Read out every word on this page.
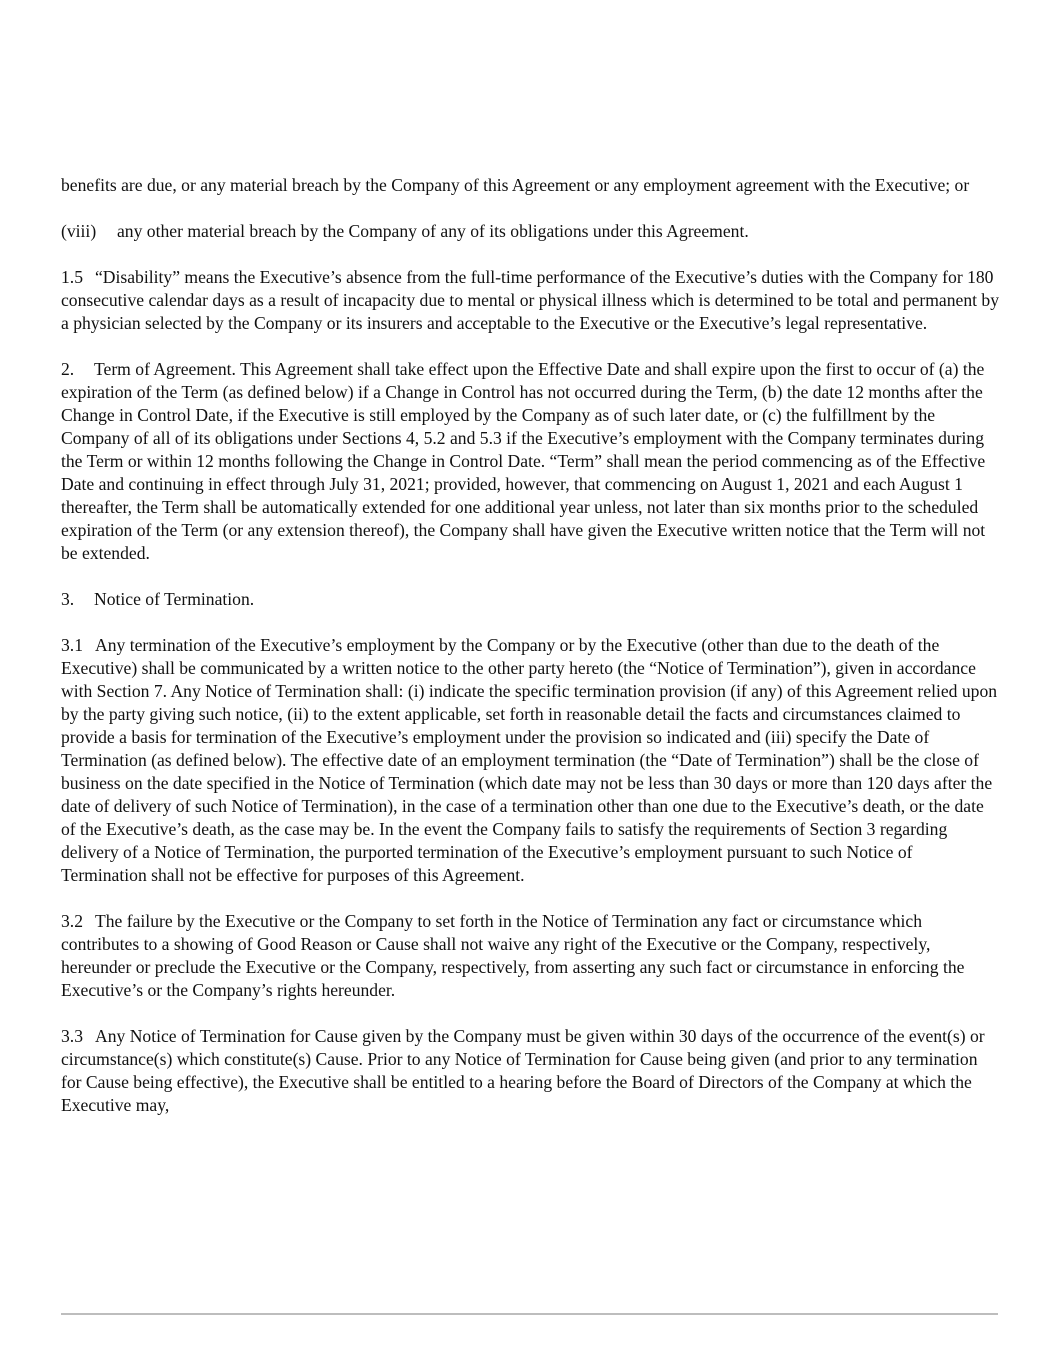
benefits are due, or any material breach by the Company of this Agreement or any employment agreement with the Executive; or

(viii) any other material breach by the Company of any of its obligations under this Agreement.

1.5 “Disability” means the Executive’s absence from the full-time performance of the Executive’s duties with the Company for 180 consecutive calendar days as a result of incapacity due to mental or physical illness which is determined to be total and permanent by a physician selected by the Company or its insurers and acceptable to the Executive or the Executive’s legal representative.

2. Term of Agreement. This Agreement shall take effect upon the Effective Date and shall expire upon the first to occur of (a) the expiration of the Term (as defined below) if a Change in Control has not occurred during the Term, (b) the date 12 months after the Change in Control Date, if the Executive is still employed by the Company as of such later date, or (c) the fulfillment by the Company of all of its obligations under Sections 4, 5.2 and 5.3 if the Executive’s employment with the Company terminates during the Term or within 12 months following the Change in Control Date. “Term” shall mean the period commencing as of the Effective Date and continuing in effect through July 31, 2021; provided, however, that commencing on August 1, 2021 and each August 1 thereafter, the Term shall be automatically extended for one additional year unless, not later than six months prior to the scheduled expiration of the Term (or any extension thereof), the Company shall have given the Executive written notice that the Term will not be extended.

3. Notice of Termination.

3.1 Any termination of the Executive’s employment by the Company or by the Executive (other than due to the death of the Executive) shall be communicated by a written notice to the other party hereto (the “Notice of Termination”), given in accordance with Section 7. Any Notice of Termination shall: (i) indicate the specific termination provision (if any) of this Agreement relied upon by the party giving such notice, (ii) to the extent applicable, set forth in reasonable detail the facts and circumstances claimed to provide a basis for termination of the Executive’s employment under the provision so indicated and (iii) specify the Date of Termination (as defined below). The effective date of an employment termination (the “Date of Termination”) shall be the close of business on the date specified in the Notice of Termination (which date may not be less than 30 days or more than 120 days after the date of delivery of such Notice of Termination), in the case of a termination other than one due to the Executive’s death, or the date of the Executive’s death, as the case may be. In the event the Company fails to satisfy the requirements of Section 3 regarding delivery of a Notice of Termination, the purported termination of the Executive’s employment pursuant to such Notice of Termination shall not be effective for purposes of this Agreement.

3.2 The failure by the Executive or the Company to set forth in the Notice of Termination any fact or circumstance which contributes to a showing of Good Reason or Cause shall not waive any right of the Executive or the Company, respectively, hereunder or preclude the Executive or the Company, respectively, from asserting any such fact or circumstance in enforcing the Executive’s or the Company’s rights hereunder.

3.3 Any Notice of Termination for Cause given by the Company must be given within 30 days of the occurrence of the event(s) or circumstance(s) which constitute(s) Cause. Prior to any Notice of Termination for Cause being given (and prior to any termination for Cause being effective), the Executive shall be entitled to a hearing before the Board of Directors of the Company at which the Executive may,
